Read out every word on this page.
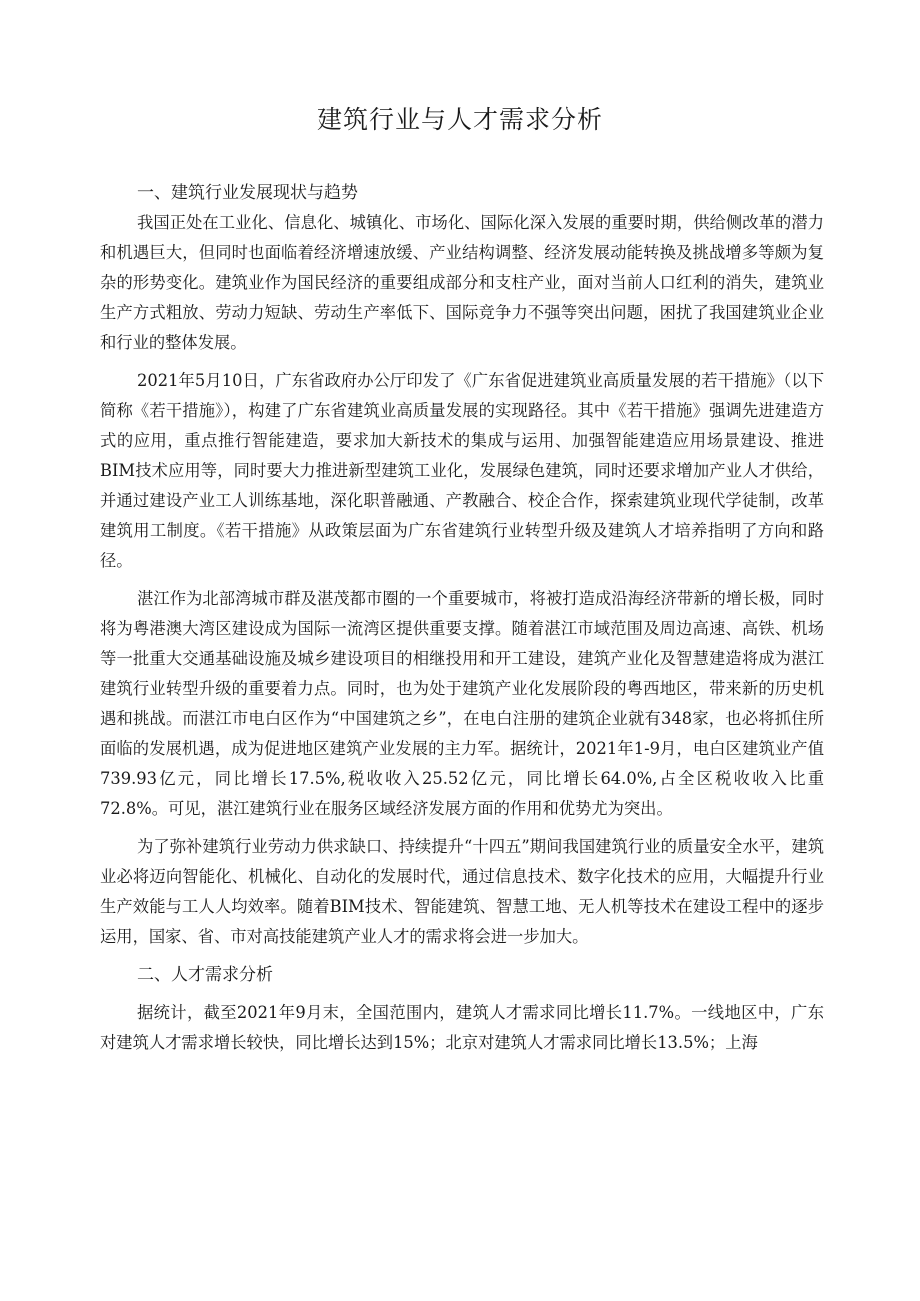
建筑行业与人才需求分析
一、建筑行业发展现状与趋势

我国正处在工业化、信息化、城镇化、市场化、国际化深入发展的重要时期，供给侧改革的潜力和机遇巨大，但同时也面临着经济增速放缓、产业结构调整、经济发展动能转换及挑战增多等颇为复杂的形势变化。建筑业作为国民经济的重要组成部分和支柱产业，面对当前人口红利的消失，建筑业生产方式粗放、劳动力短缺、劳动生产率低下、国际竞争力不强等突出问题，困扰了我国建筑业企业和行业的整体发展。

2021年5月10日，广东省政府办公厅印发了《广东省促进建筑业高质量发展的若干措施》（以下简称《若干措施》），构建了广东省建筑业高质量发展的实现路径。其中《若干措施》强调先进建造方式的应用，重点推行智能建造，要求加大新技术的集成与运用、加强智能建造应用场景建设、推进BIM技术应用等，同时要大力推进新型建筑工业化，发展绿色建筑，同时还要求增加产业人才供给，并通过建设产业工人训练基地，深化职普融通、产教融合、校企合作，探索建筑业现代学徒制，改革建筑用工制度。《若干措施》从政策层面为广东省建筑行业转型升级及建筑人才培养指明了方向和路径。

湛江作为北部湾城市群及湛茂都市圈的一个重要城市，将被打造成沿海经济带新的增长极，同时将为粤港澳大湾区建设成为国际一流湾区提供重要支撑。随着湛江市域范围及周边高速、高铁、机场等一批重大交通基础设施及城乡建设项目的相继投用和开工建设，建筑产业化及智慧建造将成为湛江建筑行业转型升级的重要着力点。同时，也为处于建筑产业化发展阶段的粤西地区，带来新的历史机遇和挑战。而湛江市电白区作为“中国建筑之乡”，在电白注册的建筑企业就有348家，也必将抓住所面临的发展机遇，成为促进地区建筑产业发展的主力军。据统计，2021年1-9月，电白区建筑业产值739.93亿元，同比增长17.5%,税收收入25.52亿元，同比增长64.0%,占全区税收收入比重72.8%。可见，湛江建筑行业在服务区域经济发展方面的作用和优势尤为突出。

为了弥补建筑行业劳动力供求缺口、持续提升“十四五”期间我国建筑行业的质量安全水平，建筑业必将迈向智能化、机械化、自动化的发展时代，通过信息技术、数字化技术的应用，大幅提升行业生产效能与工人人均效率。随着BIM技术、智能建筑、智慧工地、无人机等技术在建设工程中的逐步运用，国家、省、市对高技能建筑产业人才的需求将会进一步加大。

二、人才需求分析

据统计，截至2021年9月末，全国范围内，建筑人才需求同比增长11.7%。一线地区中，广东对建筑人才需求增长较快，同比增长达到15%；北京对建筑人才需求同比增长13.5%；上海
